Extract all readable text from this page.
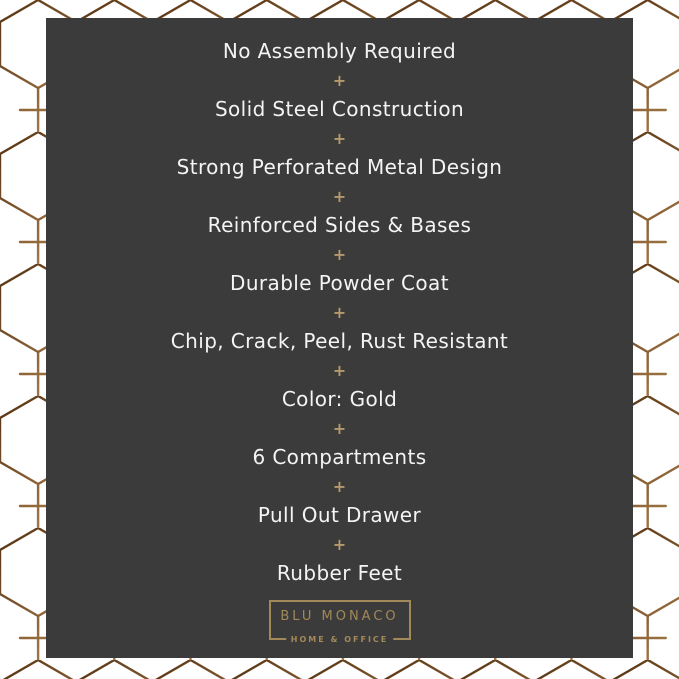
No Assembly Required
+
Solid Steel Construction
+
Strong Perforated Metal Design
+
Reinforced Sides & Bases
+
Durable Powder Coat
+
Chip, Crack, Peel, Rust Resistant
+
Color: Gold
+
6 Compartments
+
Pull Out Drawer
+
Rubber Feet
BLU MONACO
HOME & OFFICE
